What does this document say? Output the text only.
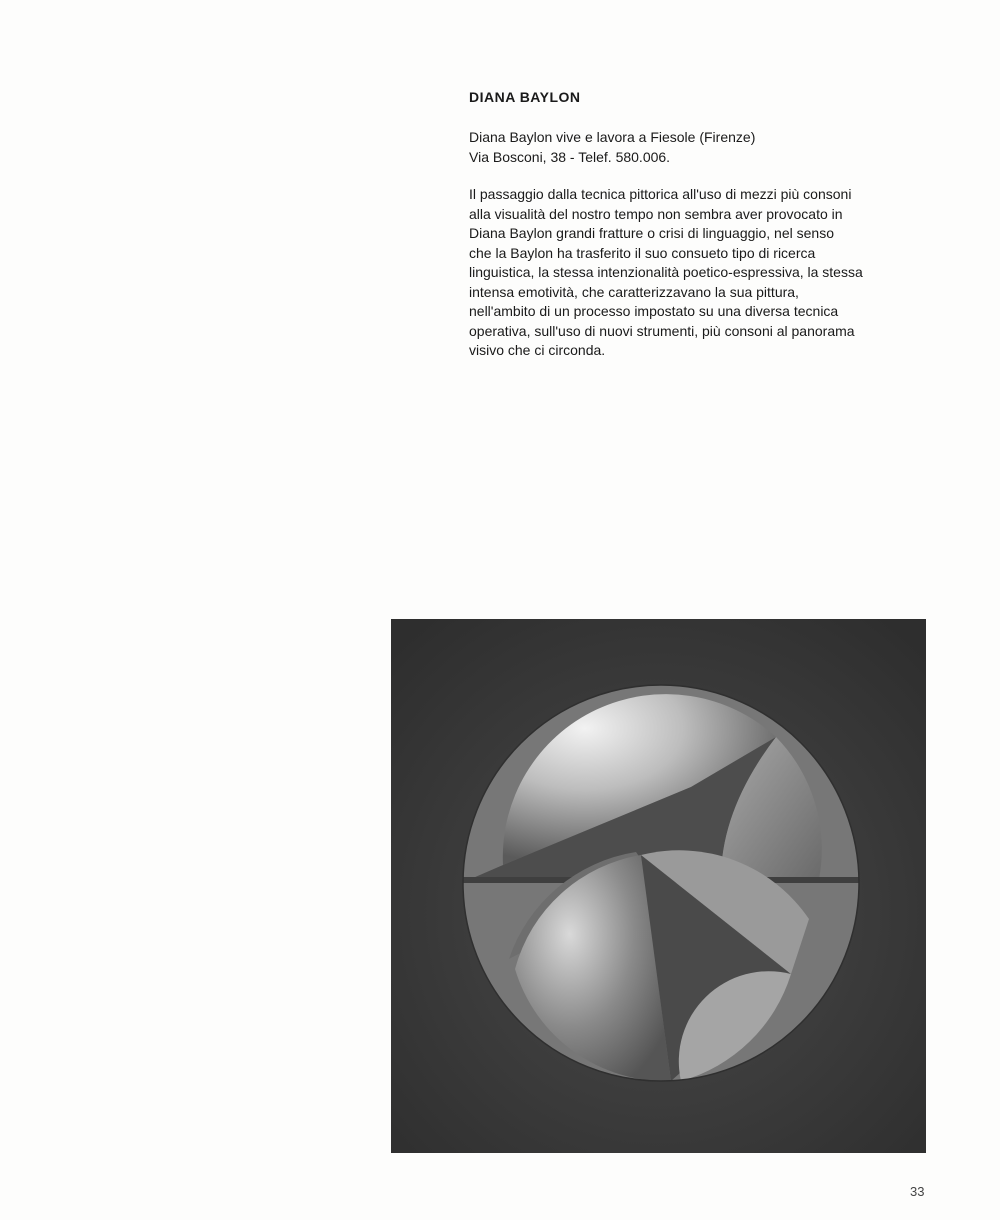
DIANA BAYLON

Diana Baylon vive e lavora a Fiesole (Firenze)
Via Bosconi, 38 - Telef. 580.006.

Il passaggio dalla tecnica pittorica all'uso di mezzi più consoni
alla visualità del nostro tempo non sembra aver provocato in
Diana Baylon grandi fratture o crisi di linguaggio, nel senso
che la Baylon ha trasferito il suo consueto tipo di ricerca
linguistica, la stessa intenzionalità poetico-espressiva, la stessa
intensa emotività, che caratterizzavano la sua pittura,
nell'ambito di un processo impostato su una diversa tecnica
operativa, sull'uso di nuovi strumenti, più consoni al panorama
visivo che ci circonda.

33
